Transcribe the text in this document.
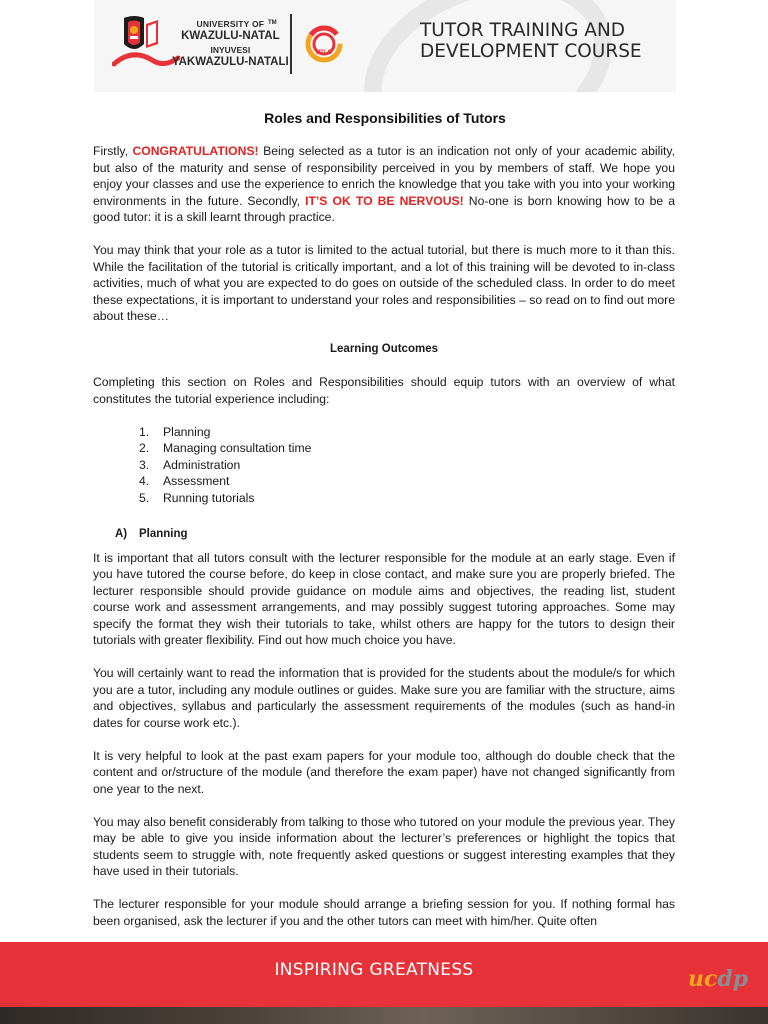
UNIVERSITY OF
KWAZULU-NATAL
INYUVESI
YAKWAZULU-NATALI
TM
UTLO
TUTOR TRAINING AND
DEVELOPMENT COURSE
Roles and Responsibilities of Tutors

Firstly, CONGRATULATIONS! Being selected as a tutor is an indication not only of your academic ability, but also of the maturity and sense of responsibility perceived in you by members of staff. We hope you enjoy your classes and use the experience to enrich the knowledge that you take with you into your working environments in the future. Secondly, IT’S OK TO BE NERVOUS! No-one is born knowing how to be a good tutor: it is a skill learnt through practice.

You may think that your role as a tutor is limited to the actual tutorial, but there is much more to it than this. While the facilitation of the tutorial is critically important, and a lot of this training will be devoted to in-class activities, much of what you are expected to do goes on outside of the scheduled class. In order to do meet these expectations, it is important to understand your roles and responsibilities – so read on to find out more about these…

Learning Outcomes

Completing this section on Roles and Responsibilities should equip tutors with an overview of what constitutes the tutorial experience including:

1. Planning
2. Managing consultation time
3. Administration
4. Assessment
5. Running tutorials
A) Planning

It is important that all tutors consult with the lecturer responsible for the module at an early stage. Even if you have tutored the course before, do keep in close contact, and make sure you are properly briefed. The lecturer responsible should provide guidance on module aims and objectives, the reading list, student course work and assessment arrangements, and may possibly suggest tutoring approaches. Some may specify the format they wish their tutorials to take, whilst others are happy for the tutors to design their tutorials with greater flexibility. Find out how much choice you have.

You will certainly want to read the information that is provided for the students about the module/s for which you are a tutor, including any module outlines or guides. Make sure you are familiar with the structure, aims and objectives, syllabus and particularly the assessment requirements of the modules (such as hand-in dates for course work etc.).

It is very helpful to look at the past exam papers for your module too, although do double check that the content and or/structure of the module (and therefore the exam paper) have not changed significantly from one year to the next.

You may also benefit considerably from talking to those who tutored on your module the previous year. They may be able to give you inside information about the lecturer’s preferences or highlight the topics that students seem to struggle with, note frequently asked questions or suggest interesting examples that they have used in their tutorials.

The lecturer responsible for your module should arrange a briefing session for you. If nothing formal has been organised, ask the lecturer if you and the other tutors can meet with him/her. Quite often

INSPIRING GREATNESS	ucdp
